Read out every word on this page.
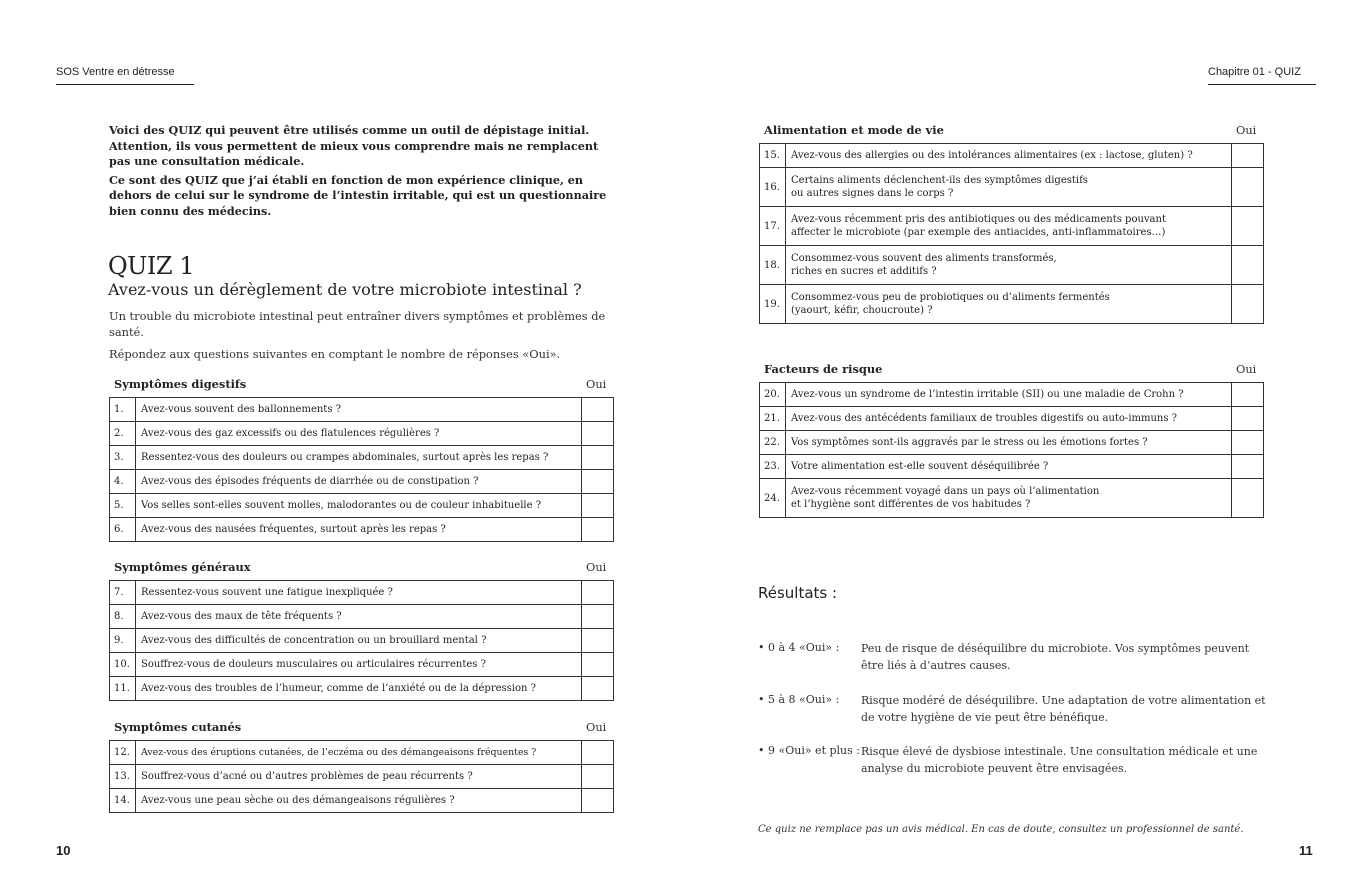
SOS Ventre en détresse	Chapitre 01 - QUIZ

Voici des QUIZ qui peuvent être utilisés comme un outil de dépistage initial. Attention, ils vous permettent de mieux vous comprendre mais ne remplacent pas une consultation médicale.

Ce sont des QUIZ que j’ai établi en fonction de mon expérience clinique, en dehors de celui sur le syndrome de l’intestin irritable, qui est un questionnaire bien connu des médecins.

QUIZ 1
Avez-vous un dérèglement de votre microbiote intestinal ?
Un trouble du microbiote intestinal peut entraîner divers symptômes et problèmes de santé.
Répondez aux questions suivantes en comptant le nombre de réponses «Oui».
Symptômes digestifs	Oui
1.	Avez-vous souvent des ballonnements ?	
2.	Avez-vous des gaz excessifs ou des flatulences régulières ?	
3.	Ressentez-vous des douleurs ou crampes abdominales, surtout après les repas ?	
4.	Avez-vous des épisodes fréquents de diarrhée ou de constipation ?	
5.	Vos selles sont-elles souvent molles, malodorantes ou de couleur inhabituelle ?	
6.	Avez-vous des nausées fréquentes, surtout après les repas ?	
Symptômes généraux	Oui
7.	Ressentez-vous souvent une fatigue inexpliquée ?	
8.	Avez-vous des maux de tête fréquents ?	
9.	Avez-vous des difficultés de concentration ou un brouillard mental ?	
10.	Souffrez-vous de douleurs musculaires ou articulaires récurrentes ?	
11.	Avez-vous des troubles de l’humeur, comme de l’anxiété ou de la dépression ?	
Symptômes cutanés	Oui
12.	Avez-vous des éruptions cutanées, de l’eczéma ou des démangeaisons fréquentes ?	
13.	Souffrez-vous d’acné ou d’autres problèmes de peau récurrents ?	
14.	Avez-vous une peau sèche ou des démangeaisons régulières ?	
Alimentation et mode de vie	Oui
15.	Avez-vous des allergies ou des intolérances alimentaires (ex : lactose, gluten) ?	
16.	Certains aliments déclenchent-ils des symptômes digestifs
ou autres signes dans le corps ?	
17.	Avez-vous récemment pris des antibiotiques ou des médicaments pouvant
affecter le microbiote (par exemple des antiacides, anti-inflammatoires…)	
18.	Consommez-vous souvent des aliments transformés,
riches en sucres et additifs ?	
19.	Consommez-vous peu de probiotiques ou d’aliments fermentés
(yaourt, kéfir, choucroute) ?	
Facteurs de risque	Oui
20.	Avez-vous un syndrome de l’intestin irritable (SII) ou une maladie de Crohn ?	
21.	Avez-vous des antécédents familiaux de troubles digestifs ou auto-immuns ?	
22.	Vos symptômes sont-ils aggravés par le stress ou les émotions fortes ?	
23.	Votre alimentation est-elle souvent déséquilibrée ?	
24.	Avez-vous récemment voyagé dans un pays où l’alimentation
et l’hygiène sont différentes de vos habitudes ?	
Résultats :
• 0 à 4 «Oui» : Peu de risque de déséquilibre du microbiote. Vos symptômes peuvent être liés à d’autres causes.
• 5 à 8 «Oui» : Risque modéré de déséquilibre. Une adaptation de votre alimentation et de votre hygiène de vie peut être bénéfique.
• 9 «Oui» et plus : Risque élevé de dysbiose intestinale. Une consultation médicale et une analyse du microbiote peuvent être envisagées.
Ce quiz ne remplace pas un avis médical. En cas de doute, consultez un professionnel de santé.
10	11
